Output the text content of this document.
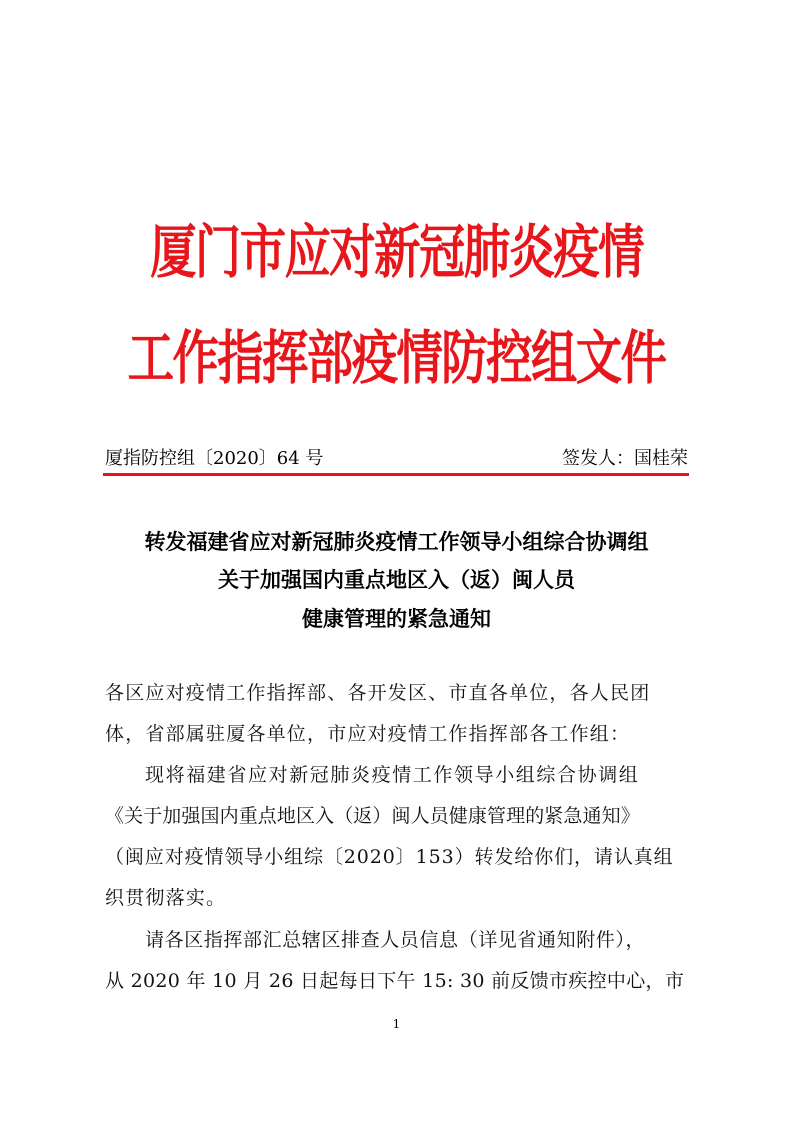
厦门市应对新冠肺炎疫情
工作指挥部疫情防控组文件
厦指防控组〔2020〕64 号	签发人：国桂荣
转发福建省应对新冠肺炎疫情工作领导小组综合协调组
关于加强国内重点地区入（返）闽人员
健康管理的紧急通知
各区应对疫情工作指挥部、各开发区、市直各单位，各人民团
体，省部属驻厦各单位，市应对疫情工作指挥部各工作组：
现将福建省应对新冠肺炎疫情工作领导小组综合协调组
《关于加强国内重点地区入（返）闽人员健康管理的紧急通知》
（闽应对疫情领导小组综〔2020〕153）转发给你们，请认真组
织贯彻落实。
请各区指挥部汇总辖区排查人员信息（详见省通知附件），
从 2020 年 10 月 26 日起每日下午 15: 30 前反馈市疾控中心，市
1
